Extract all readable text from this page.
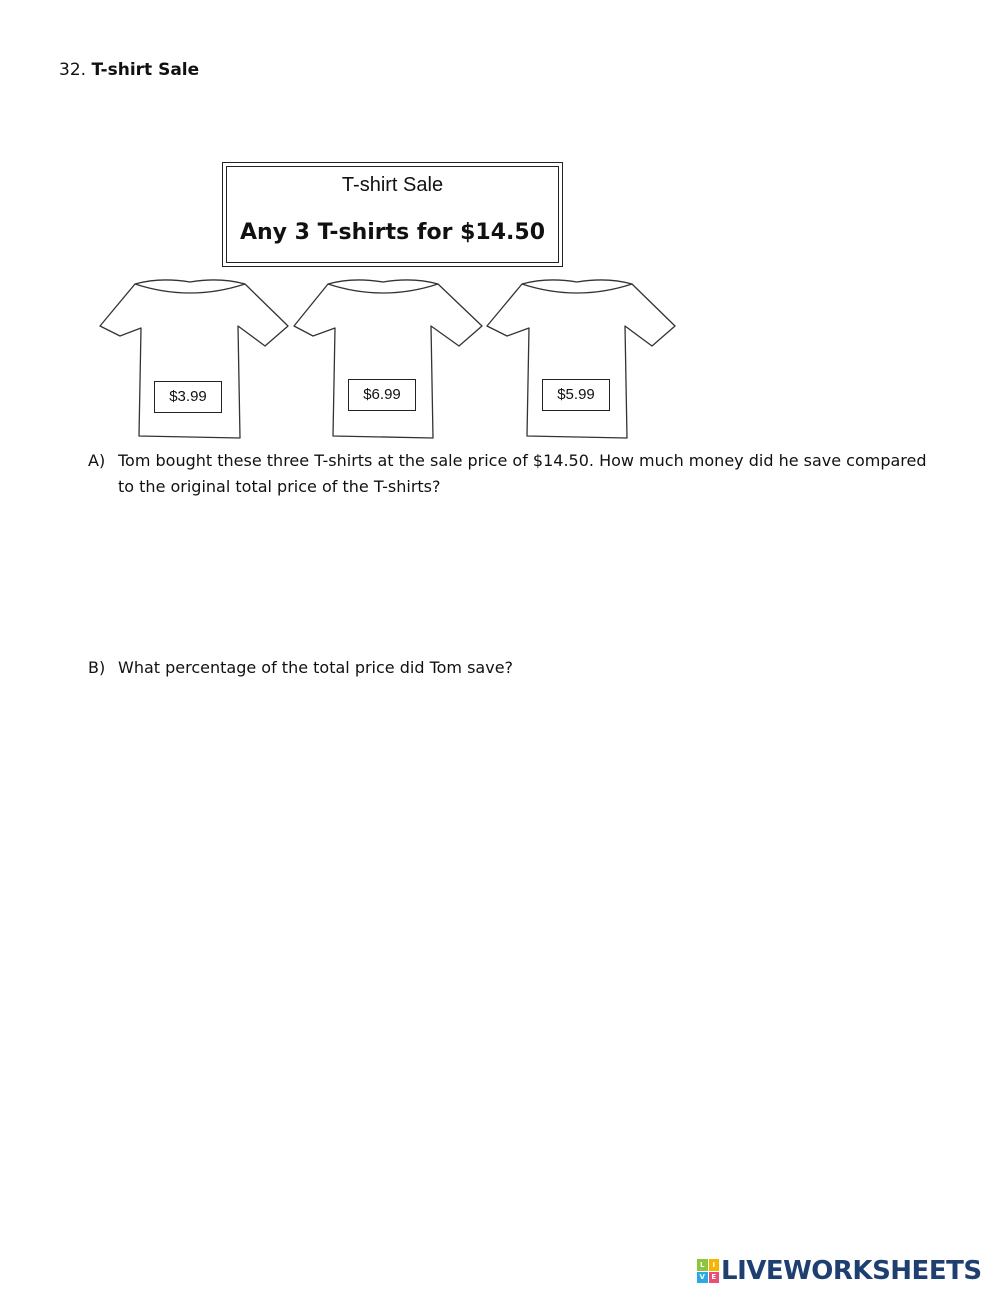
32. T-shirt Sale
T-shirt Sale
Any 3 T-shirts for $14.50
$3.99	$6.99	$5.99
A) Tom bought these three T-shirts at the sale price of $14.50. How much money did he save compared to the original total price of the T-shirts?
B) What percentage of the total price did Tom save?
L	I
V E LIVEWORKSHEETS
